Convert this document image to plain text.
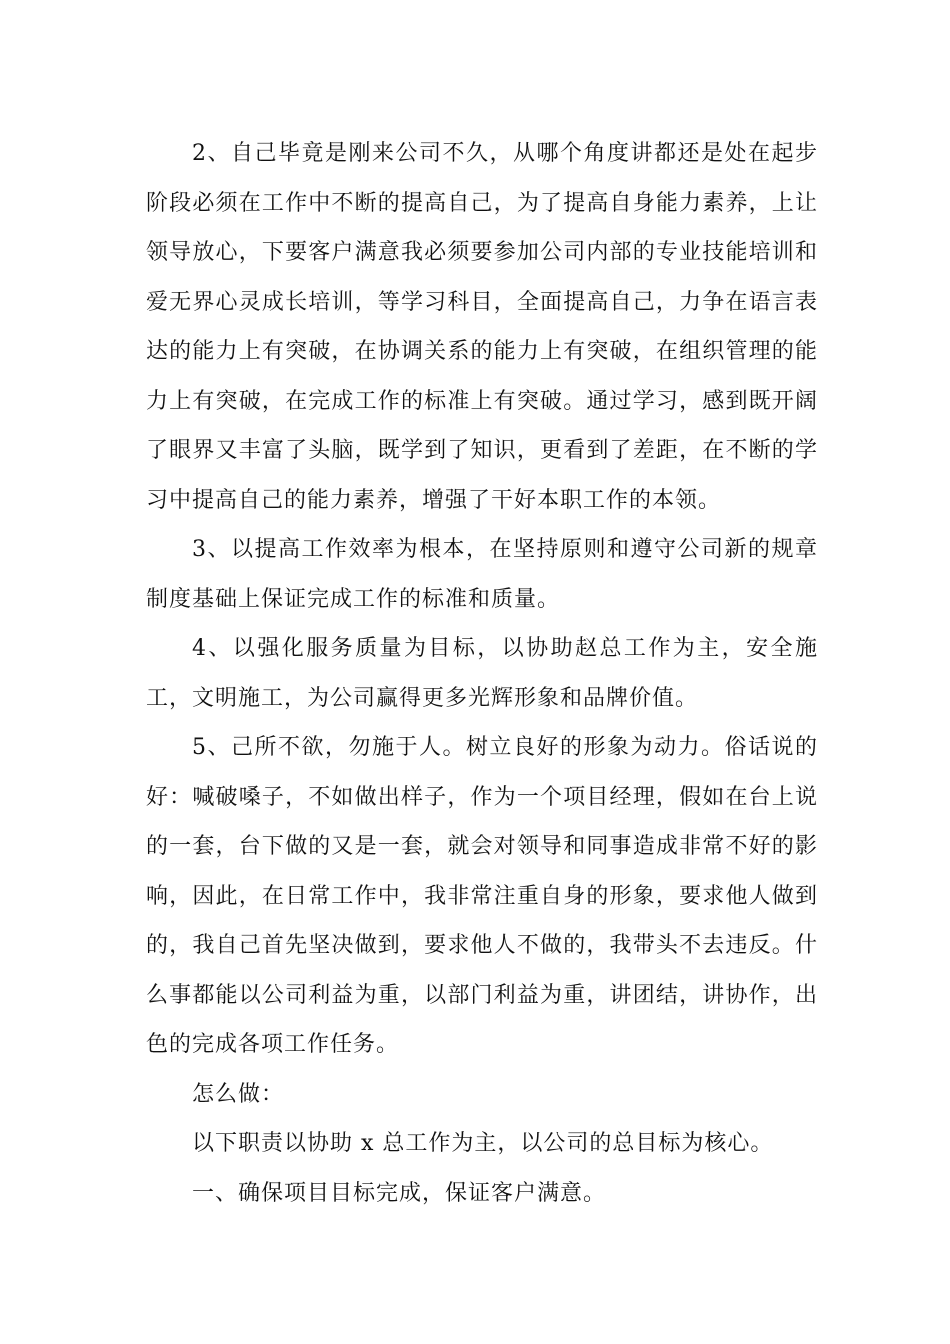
2、自己毕竟是刚来公司不久，从哪个角度讲都还是处在起步阶段必须在工作中不断的提高自己，为了提高自身能力素养，上让领导放心，下要客户满意我必须要参加公司内部的专业技能培训和爱无界心灵成长培训，等学习科目，全面提高自己，力争在语言表达的能力上有突破，在协调关系的能力上有突破，在组织管理的能力上有突破，在完成工作的标准上有突破。通过学习，感到既开阔了眼界又丰富了头脑，既学到了知识，更看到了差距，在不断的学习中提高自己的能力素养，增强了干好本职工作的本领。

3、以提高工作效率为根本，在坚持原则和遵守公司新的规章制度基础上保证完成工作的标准和质量。

4、以强化服务质量为目标，以协助赵总工作为主，安全施工，文明施工，为公司赢得更多光辉形象和品牌价值。

5、己所不欲，勿施于人。树立良好的形象为动力。俗话说的好：喊破嗓子，不如做出样子，作为一个项目经理，假如在台上说的一套，台下做的又是一套，就会对领导和同事造成非常不好的影响，因此，在日常工作中，我非常注重自身的形象，要求他人做到的，我自己首先坚决做到，要求他人不做的，我带头不去违反。什么事都能以公司利益为重，以部门利益为重，讲团结，讲协作，出色的完成各项工作任务。

怎么做：

以下职责以协助 x 总工作为主，以公司的总目标为核心。

一、确保项目目标完成，保证客户满意。
